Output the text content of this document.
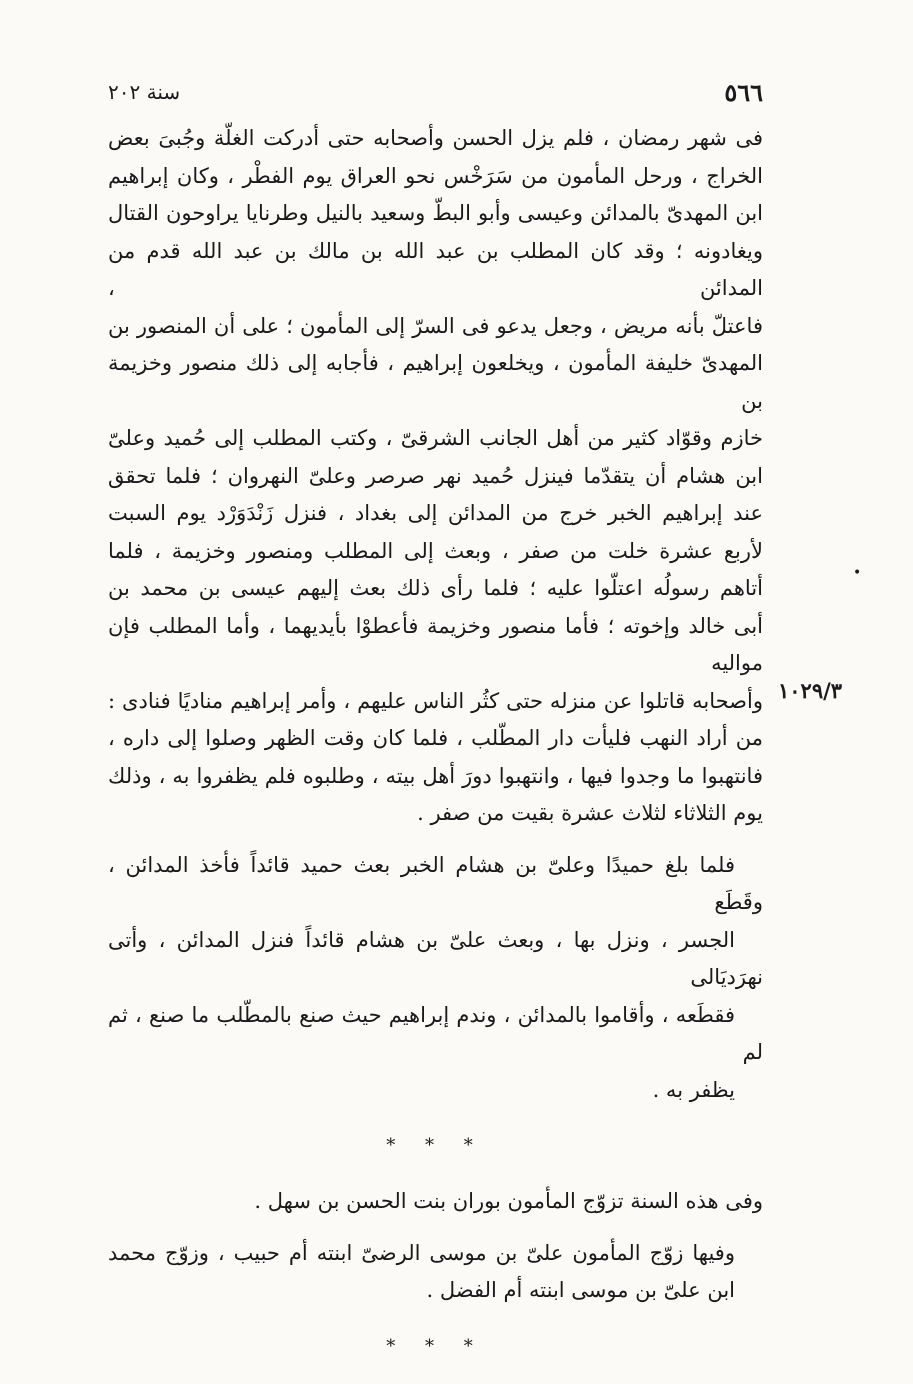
٥٦٦
سنة ٢٠٢
١٠٢٩/٣
•

فى شهر رمضان ، فلم يزل الحسن وأصحابه حتى أدركت الغلّة وجُبىَ بعض
الخراج ، ورحل المأمون من سَرَخْس نحو العراق يوم الفطْر ، وكان إبراهيم
ابن المهدىّ بالمدائن وعيسى وأبو البطّ وسعيد بالنيل وطرنايا يراوحون القتال
ويغادونه ؛ وقد كان المطلب بن عبد الله بن مالك بن عبد الله قدم من المدائن ،
فاعتلّ بأنه مريض ، وجعل يدعو فى السرّ إلى المأمون ؛ على أن المنصور بن
المهدىّ خليفة المأمون ، ويخلعون إبراهيم ، فأجابه إلى ذلك منصور وخزيمة بن
خازم وقوّاد كثير من أهل الجانب الشرقىّ ، وكتب المطلب إلى حُميد وعلىّ
ابن هشام أن يتقدّما فينزل حُميد نهر صرصر وعلىّ النهروان ؛ فلما تحقق
عند إبراهيم الخبر خرج من المدائن إلى بغداد ، فنزل زَنْدَوَرْد يوم السبت
لأربع عشرة خلت من صفر ، وبعث إلى المطلب ومنصور وخزيمة ، فلما
أتاهم رسولُه اعتلّوا عليه ؛ فلما رأى ذلك بعث إليهم عيسى بن محمد بن
أبى خالد وإخوته ؛ فأما منصور وخزيمة فأعطوْا بأيديهما ، وأما المطلب فإن مواليه
وأصحابه قاتلوا عن منزله حتى كثُر الناس عليهم ، وأمر إبراهيم مناديًا فنادى :
من أراد النهب فليأت دار المطّلب ، فلما كان وقت الظهر وصلوا إلى داره ،
فانتهبوا ما وجدوا فيها ، وانتهبوا دورَ أهل بيته ، وطلبوه فلم يظفروا به ، وذلك
يوم الثلاثاء لثلاث عشرة بقيت من صفر .

فلما بلغ حميدًا وعلىّ بن هشام الخبر بعث حميد قائداً فأخذ المدائن ، وقَطَع
الجسر ، ونزل بها ، وبعث علىّ بن هشام قائداً فنزل المدائن ، وأتى نهرَديَالى
فقطَعه ، وأقاموا بالمدائن ، وندم إبراهيم حيث صنع بالمطّلب ما صنع ، ثم لم
يظفر به .

* * *

وفى هذه السنة تزوّج المأمون بوران بنت الحسن بن سهل .

وفيها زوّج المأمون علىّ بن موسى الرضىّ ابنته أم حبيب ، وزوّج محمد
ابن علىّ بن موسى ابنته أم الفضل .

* * *
